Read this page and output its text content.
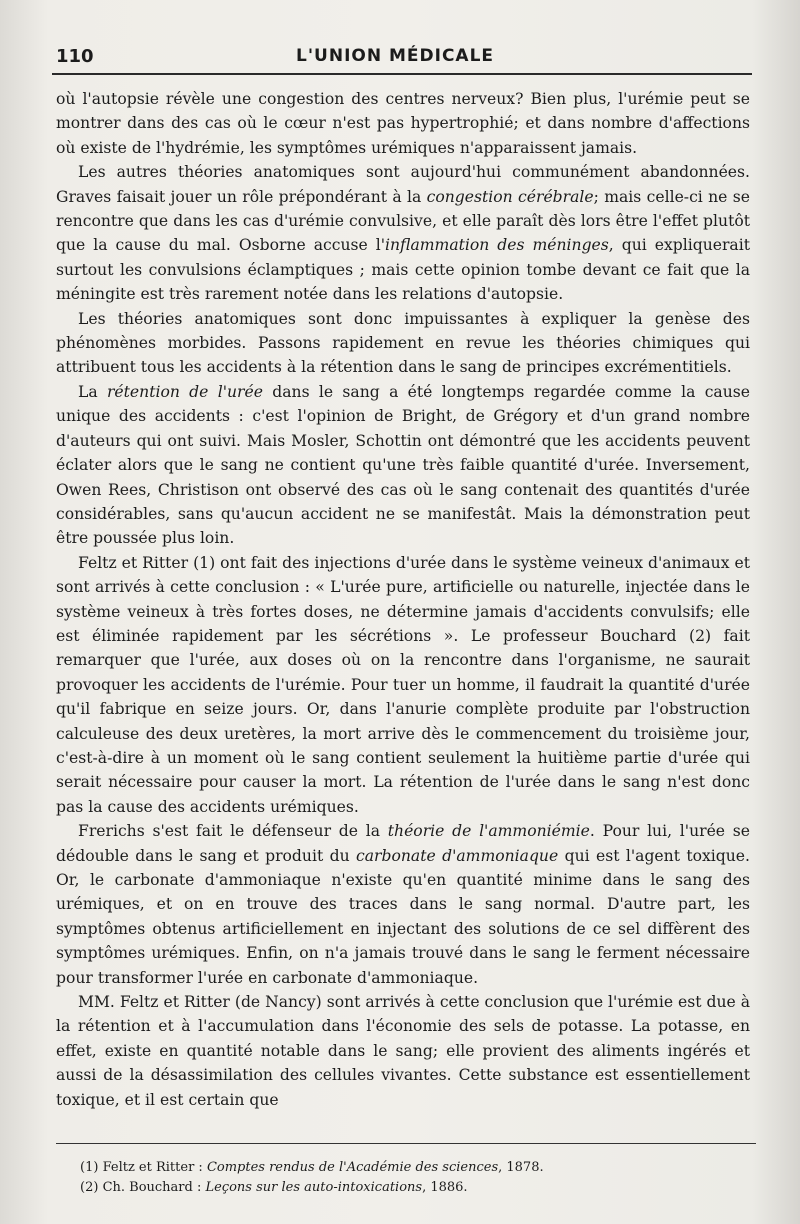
110	L'UNION MÉDICALE

où l'autopsie révèle une congestion des centres nerveux? Bien plus, l'urémie peut se montrer dans des cas où le cœur n'est pas hypertrophié; et dans nombre d'affections où existe de l'hydrémie, les symptômes urémiques n'apparaissent jamais.

Les autres théories anatomiques sont aujourd'hui communément abandonnées. Graves faisait jouer un rôle prépondérant à la congestion cérébrale; mais celle-ci ne se rencontre que dans les cas d'urémie convulsive, et elle paraît dès lors être l'effet plutôt que la cause du mal. Osborne accuse l'inflammation des méninges, qui expliquerait surtout les convulsions éclamptiques ; mais cette opinion tombe devant ce fait que la méningite est très rarement notée dans les relations d'autopsie.

Les théories anatomiques sont donc impuissantes à expliquer la genèse des phénomènes morbides. Passons rapidement en revue les théories chimiques qui attribuent tous les accidents à la rétention dans le sang de principes excrémentitiels.

La rétention de l'urée dans le sang a été longtemps regardée comme la cause unique des accidents : c'est l'opinion de Bright, de Grégory et d'un grand nombre d'auteurs qui ont suivi. Mais Mosler, Schottin ont démontré que les accidents peuvent éclater alors que le sang ne contient qu'une très faible quantité d'urée. Inversement, Owen Rees, Christison ont observé des cas où le sang contenait des quantités d'urée considérables, sans qu'aucun accident ne se manifestât. Mais la démonstration peut être poussée plus loin.

Feltz et Ritter (1) ont fait des injections d'urée dans le système veineux d'animaux et sont arrivés à cette conclusion : « L'urée pure, artificielle ou naturelle, injectée dans le système veineux à très fortes doses, ne détermine jamais d'accidents convulsifs; elle est éliminée rapidement par les sécrétions ». Le professeur Bouchard (2) fait remarquer que l'urée, aux doses où on la rencontre dans l'organisme, ne saurait provoquer les accidents de l'urémie. Pour tuer un homme, il faudrait la quantité d'urée qu'il fabrique en seize jours. Or, dans l'anurie complète produite par l'obstruction calculeuse des deux uretères, la mort arrive dès le commencement du troisième jour, c'est-à-dire à un moment où le sang contient seulement la huitième partie d'urée qui serait nécessaire pour causer la mort. La rétention de l'urée dans le sang n'est donc pas la cause des accidents urémiques.

Frerichs s'est fait le défenseur de la théorie de l'ammoniémie. Pour lui, l'urée se dédouble dans le sang et produit du carbonate d'ammoniaque qui est l'agent toxique. Or, le carbonate d'ammoniaque n'existe qu'en quantité minime dans le sang des urémiques, et on en trouve des traces dans le sang normal. D'autre part, les symptômes obtenus artificiellement en injectant des solutions de ce sel diffèrent des symptômes urémiques. Enfin, on n'a jamais trouvé dans le sang le ferment nécessaire pour transformer l'urée en carbonate d'ammoniaque.

MM. Feltz et Ritter (de Nancy) sont arrivés à cette conclusion que l'urémie est due à la rétention et à l'accumulation dans l'économie des sels de potasse. La potasse, en effet, existe en quantité notable dans le sang; elle provient des aliments ingérés et aussi de la désassimilation des cellules vivantes. Cette substance est essentiellement toxique, et il est certain que

(1) Feltz et Ritter : Comptes rendus de l'Académie des sciences, 1878.
(2) Ch. Bouchard : Leçons sur les auto-intoxications, 1886.
